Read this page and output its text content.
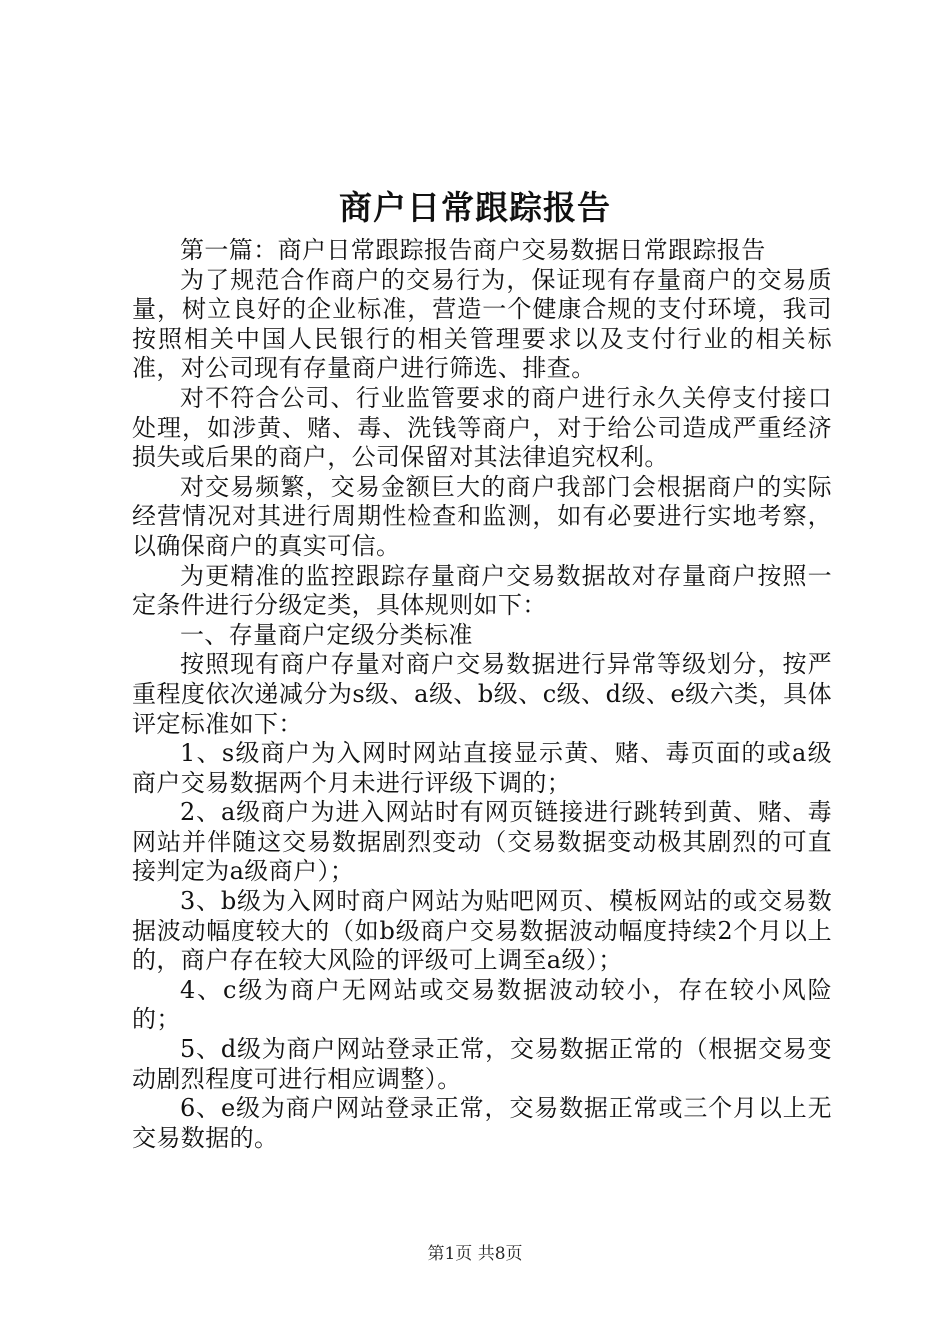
商户日常跟踪报告

第一篇：商户日常跟踪报告商户交易数据日常跟踪报告

为了规范合作商户的交易行为，保证现有存量商户的交易质量，树立良好的企业标准，营造一个健康合规的支付环境，我司按照相关中国人民银行的相关管理要求以及支付行业的相关标准，对公司现有存量商户进行筛选、排查。

对不符合公司、行业监管要求的商户进行永久关停支付接口处理，如涉黄、赌、毒、洗钱等商户，对于给公司造成严重经济损失或后果的商户，公司保留对其法律追究权利。

对交易频繁，交易金额巨大的商户我部门会根据商户的实际经营情况对其进行周期性检查和监测，如有必要进行实地考察，以确保商户的真实可信。

为更精准的监控跟踪存量商户交易数据故对存量商户按照一定条件进行分级定类，具体规则如下：

一、存量商户定级分类标准

按照现有商户存量对商户交易数据进行异常等级划分，按严重程度依次递减分为s级、a级、b级、c级、d级、e级六类，具体评定标准如下：

1、s级商户为入网时网站直接显示黄、赌、毒页面的或a级商户交易数据两个月未进行评级下调的；

2、a级商户为进入网站时有网页链接进行跳转到黄、赌、毒网站并伴随这交易数据剧烈变动（交易数据变动极其剧烈的可直接判定为a级商户）；

3、b级为入网时商户网站为贴吧网页、模板网站的或交易数据波动幅度较大的（如b级商户交易数据波动幅度持续2个月以上的，商户存在较大风险的评级可上调至a级）；

4、c级为商户无网站或交易数据波动较小，存在较小风险的；

5、d级为商户网站登录正常，交易数据正常的（根据交易变动剧烈程度可进行相应调整）。

6、e级为商户网站登录正常，交易数据正常或三个月以上无交易数据的。

第1页 共8页
